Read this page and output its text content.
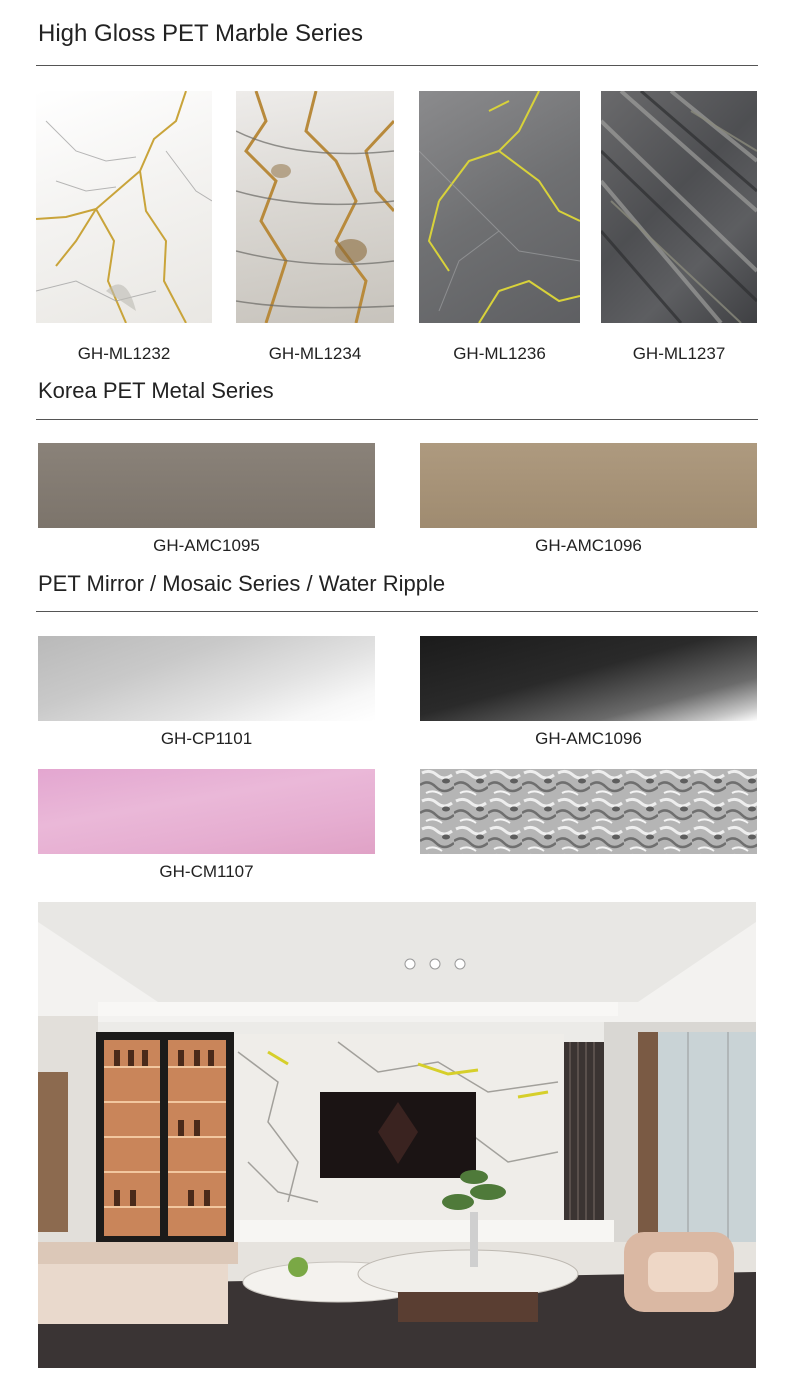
High Gloss PET Marble Series
GH-ML1232	GH-ML1234	GH-ML1236	GH-ML1237
Korea PET Metal Series
GH-AMC1095	GH-AMC1096
PET Mirror / Mosaic Series / Water Ripple
GH-CP1101	GH-AMC1096
GH-CM1107
